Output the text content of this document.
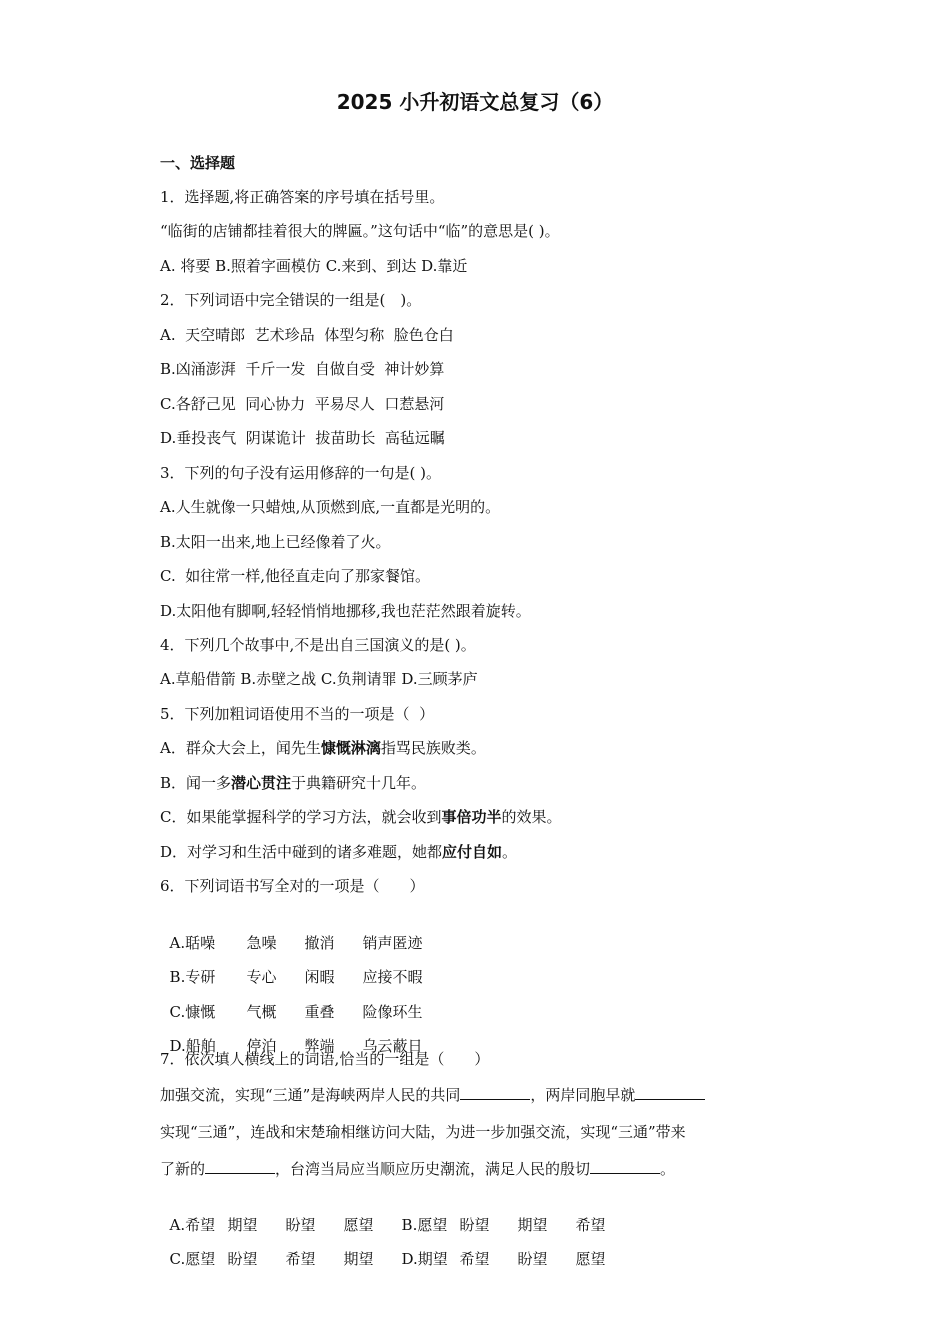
2025 小升初语文总复习（6）
一、选择题
1．选择题,将正确答案的序号填在括号里。
“临街的店铺都挂着很大的牌匾。”这句话中“临”的意思是( )。
A. 将要 B.照着字画模仿 C.来到、到达 D.靠近
2．下列词语中完全错误的一组是(　)。
A.  天空晴郎  艺术珍品  体型匀称  脸色仓白
B.凶涌澎湃  千斤一发  自做自受  神计妙算
C.各舒己见  同心协力  平易尽人  口惹悬河
D.垂投丧气  阴谋诡计  拔苗助长  高毡远瞩
3．下列的句子没有运用修辞的一句是( )。
A.人生就像一只蜡烛,从顶燃到底,一直都是光明的。
B.太阳一出来,地上已经像着了火。
C.  如往常一样,他径直走向了那家餐馆。
D.太阳他有脚啊,轻轻悄悄地挪移,我也茫茫然跟着旋转。
4．下列几个故事中,不是出自三国演义的是( )。
A.草船借箭 B.赤壁之战 C.负荆请罪 D.三顾茅庐
5．下列加粗词语使用不当的一项是（  ）
A．群众大会上，闻先生慷慨淋漓指骂民族败类。
B．闻一多潜心贯注于典籍研究十几年。
C．如果能掌握科学的学习方法，就会收到事倍功半的效果。
D．对学习和生活中碰到的诸多难题，她都应付自如。
6．下列词语书写全对的一项是（　　）

A.聒噪 急噪 撤消 销声匿迹

B.专研 专心 闲暇 应接不暇

C.慷慨 气概 重叠 险像环生

D.船舶 停泊 弊端 乌云蔽日

7．依次填人横线上的词语,恰当的一组是（　　）
加强交流，实现“三通”是海峡两岸人民的共同	，两岸同胞早就
实现“三通”，连战和宋楚瑜相继访问大陆，为进一步加强交流，实现“三通”带来
了新的	，台湾当局应当顺应历史潮流，满足人民的殷切	。

A.希望 期望 盼望 愿望 B.愿望 盼望 期望 希望

C.愿望 盼望 希望 期望 D.期望 希望 盼望 愿望
